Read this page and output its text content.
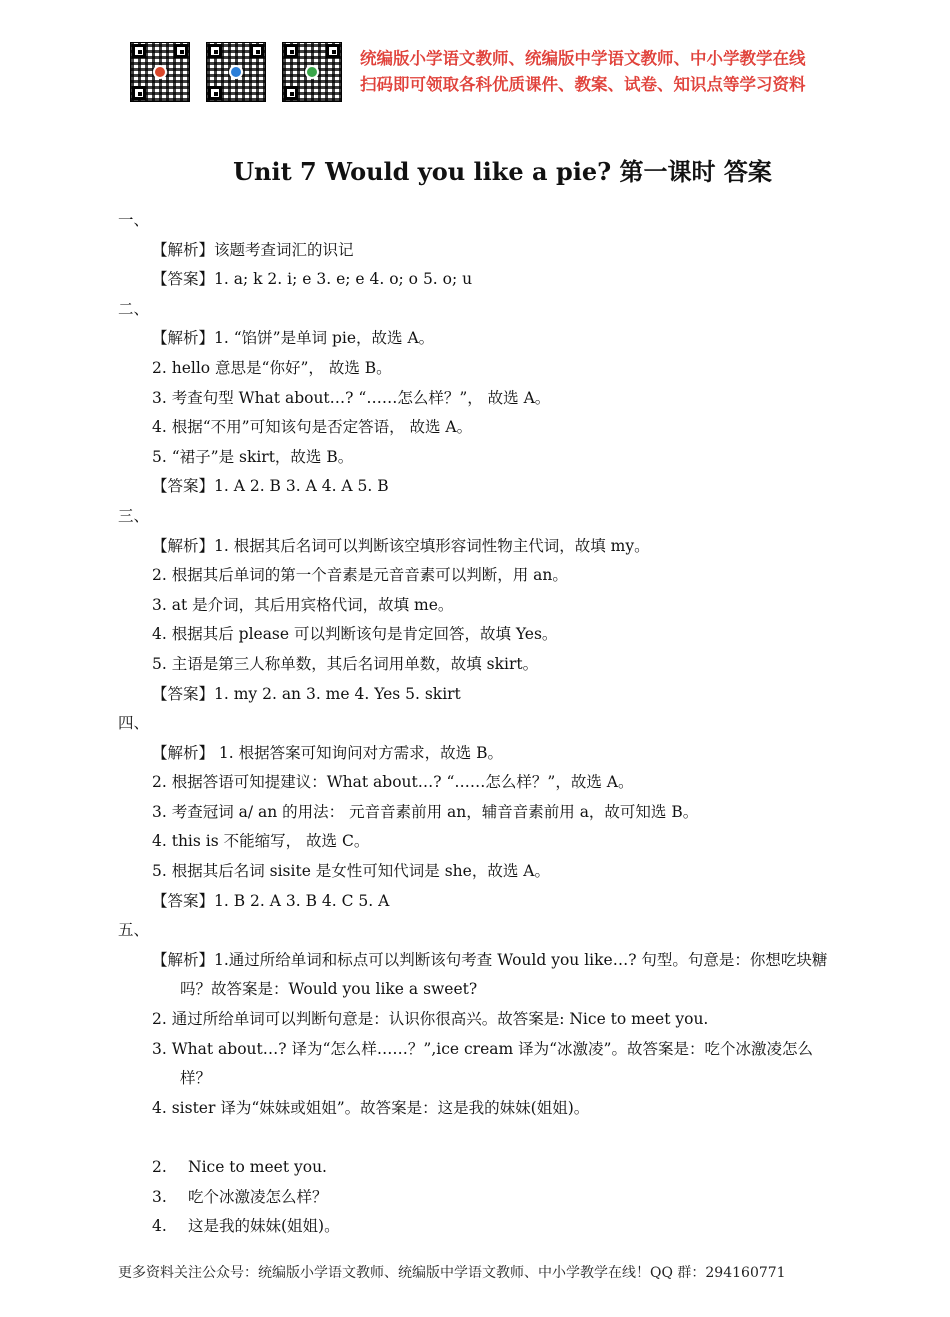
统编版小学语文教师、统编版中学语文教师、中小学教学在线
扫码即可领取各科优质课件、教案、试卷、知识点等学习资料
Unit 7 Would you like a pie? 第一课时 答案
一、
【解析】该题考查词汇的识记
【答案】1. a; k 2. i; e 3. e; e 4. o; o 5. o; u
二、
【解析】1. “馅饼”是单词 pie，故选 A。
2. hello 意思是“你好”， 故选 B。
3. 考查句型 What about…? “……怎么样？”， 故选 A。
4. 根据“不用”可知该句是否定答语， 故选 A。
5. “裙子”是 skirt，故选 B。
【答案】1. A 2. B 3. A 4. A 5. B
三、
【解析】1. 根据其后名词可以判断该空填形容词性物主代词，故填 my。
2. 根据其后单词的第一个音素是元音音素可以判断，用 an。
3. at 是介词，其后用宾格代词，故填 me。
4. 根据其后 please 可以判断该句是肯定回答，故填 Yes。
5. 主语是第三人称单数，其后名词用单数，故填 skirt。
【答案】1. my 2. an 3. me 4. Yes 5. skirt
四、
【解析】 1. 根据答案可知询问对方需求，故选 B。
2. 根据答语可知提建议：What about…? “……怎么样？”，故选 A。
3. 考查冠词 a/ an 的用法： 元音音素前用 an，辅音音素前用 a，故可知选 B。
4. this is 不能缩写， 故选 C。
5. 根据其后名词 sisite 是女性可知代词是 she，故选 A。
【答案】1. B 2. A 3. B 4. C 5. A
五、
【解析】1.通过所给单词和标点可以判断该句考查 Would you like…? 句型。句意是：你想吃块糖吗？故答案是：Would you like a sweet?
2. 通过所给单词可以判断句意是：认识你很高兴。故答案是: Nice to meet you.
3. What about…? 译为“怎么样……？”,ice cream 译为“冰激凌”。故答案是：吃个冰激凌怎么样？
4. sister 译为“妹妹或姐姐”。故答案是：这是我的妹妹(姐姐)。
2.	Nice to meet you.
3.	吃个冰激凌怎么样？
4.	这是我的妹妹(姐姐)。
更多资料关注公众号：统编版小学语文教师、统编版中学语文教师、中小学教学在线！QQ 群：294160771
